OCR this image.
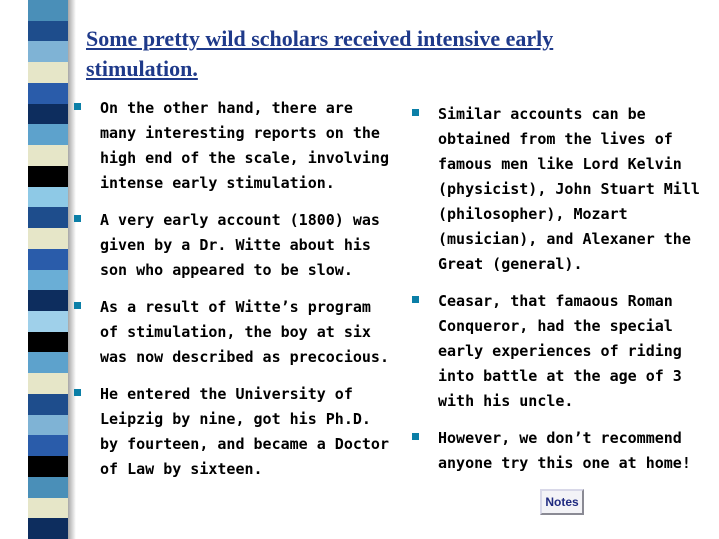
Some pretty wild scholars received intensive early stimulation.
On the other hand, there are many interesting reports on the high end of the scale, involving intense early stimulation.
A very early account (1800) was given by a Dr. Witte about his son who appeared to be slow.
As a result of Witte’s program of stimulation, the boy at six was now described as precocious.
He entered the University of Leipzig by nine, got his Ph.D. by fourteen, and became a Doctor of Law by sixteen.
Similar accounts can be obtained from the lives of famous men like Lord Kelvin (physicist), John Stuart Mill (philosopher), Mozart (musician), and Alexaner the Great (general).
Ceasar, that famaous Roman Conqueror, had the special early experiences of riding into battle at the age of 3 with his uncle.
However, we don’t recommend anyone try this one at home!
Notes
